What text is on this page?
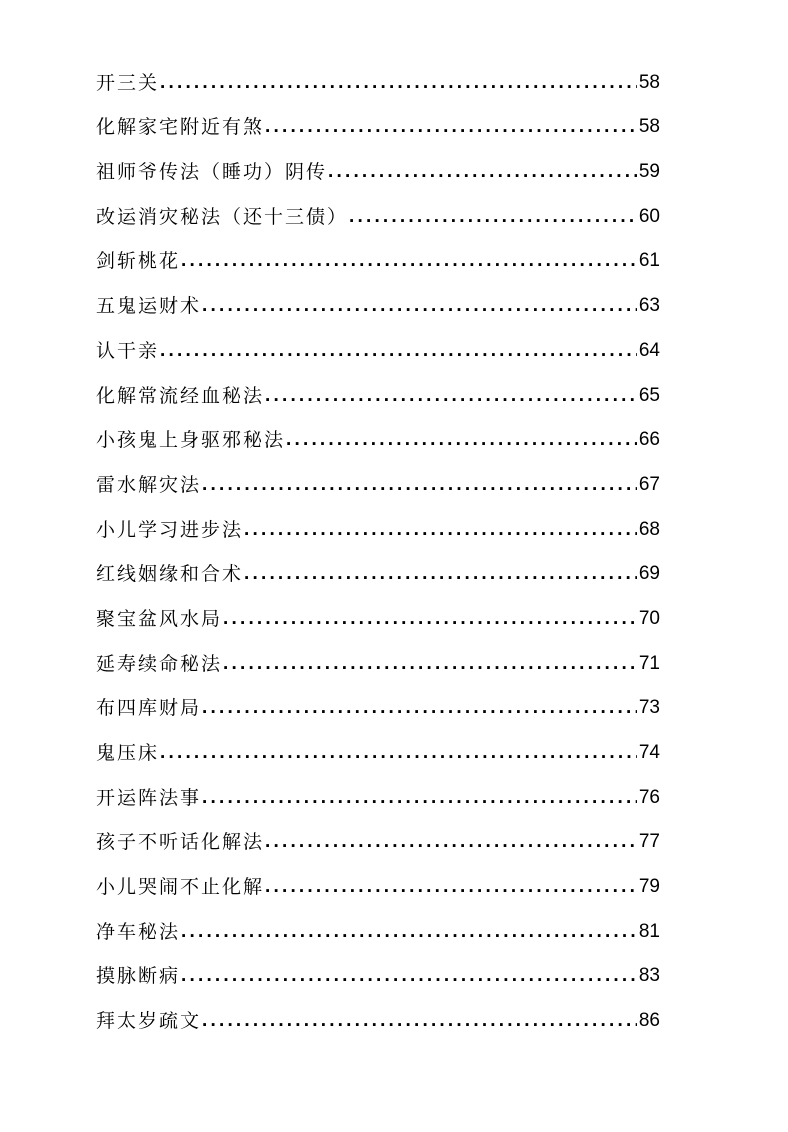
开三关 .....	58
化解家宅附近有煞 .....	58
祖师爷传法（睡功）阴传 .....	59
改运消灾秘法（还十三债） .....	60
剑斩桃花 .....	61
五鬼运财术 .....	63
认干亲 .....	64
化解常流经血秘法 .....	65
小孩鬼上身驱邪秘法 .....	66
雷水解灾法 .....	67
小儿学习进步法 .....	68
红线姻缘和合术 .....	69
聚宝盆风水局 .....	70
延寿续命秘法 .....	71
布四库财局 .....	73
鬼压床 .....	74
开运阵法事 .....	76
孩子不听话化解法 .....	77
小儿哭闹不止化解 .....	79
净车秘法 .....	81
摸脉断病 .....	83
拜太岁疏文 .....	86
